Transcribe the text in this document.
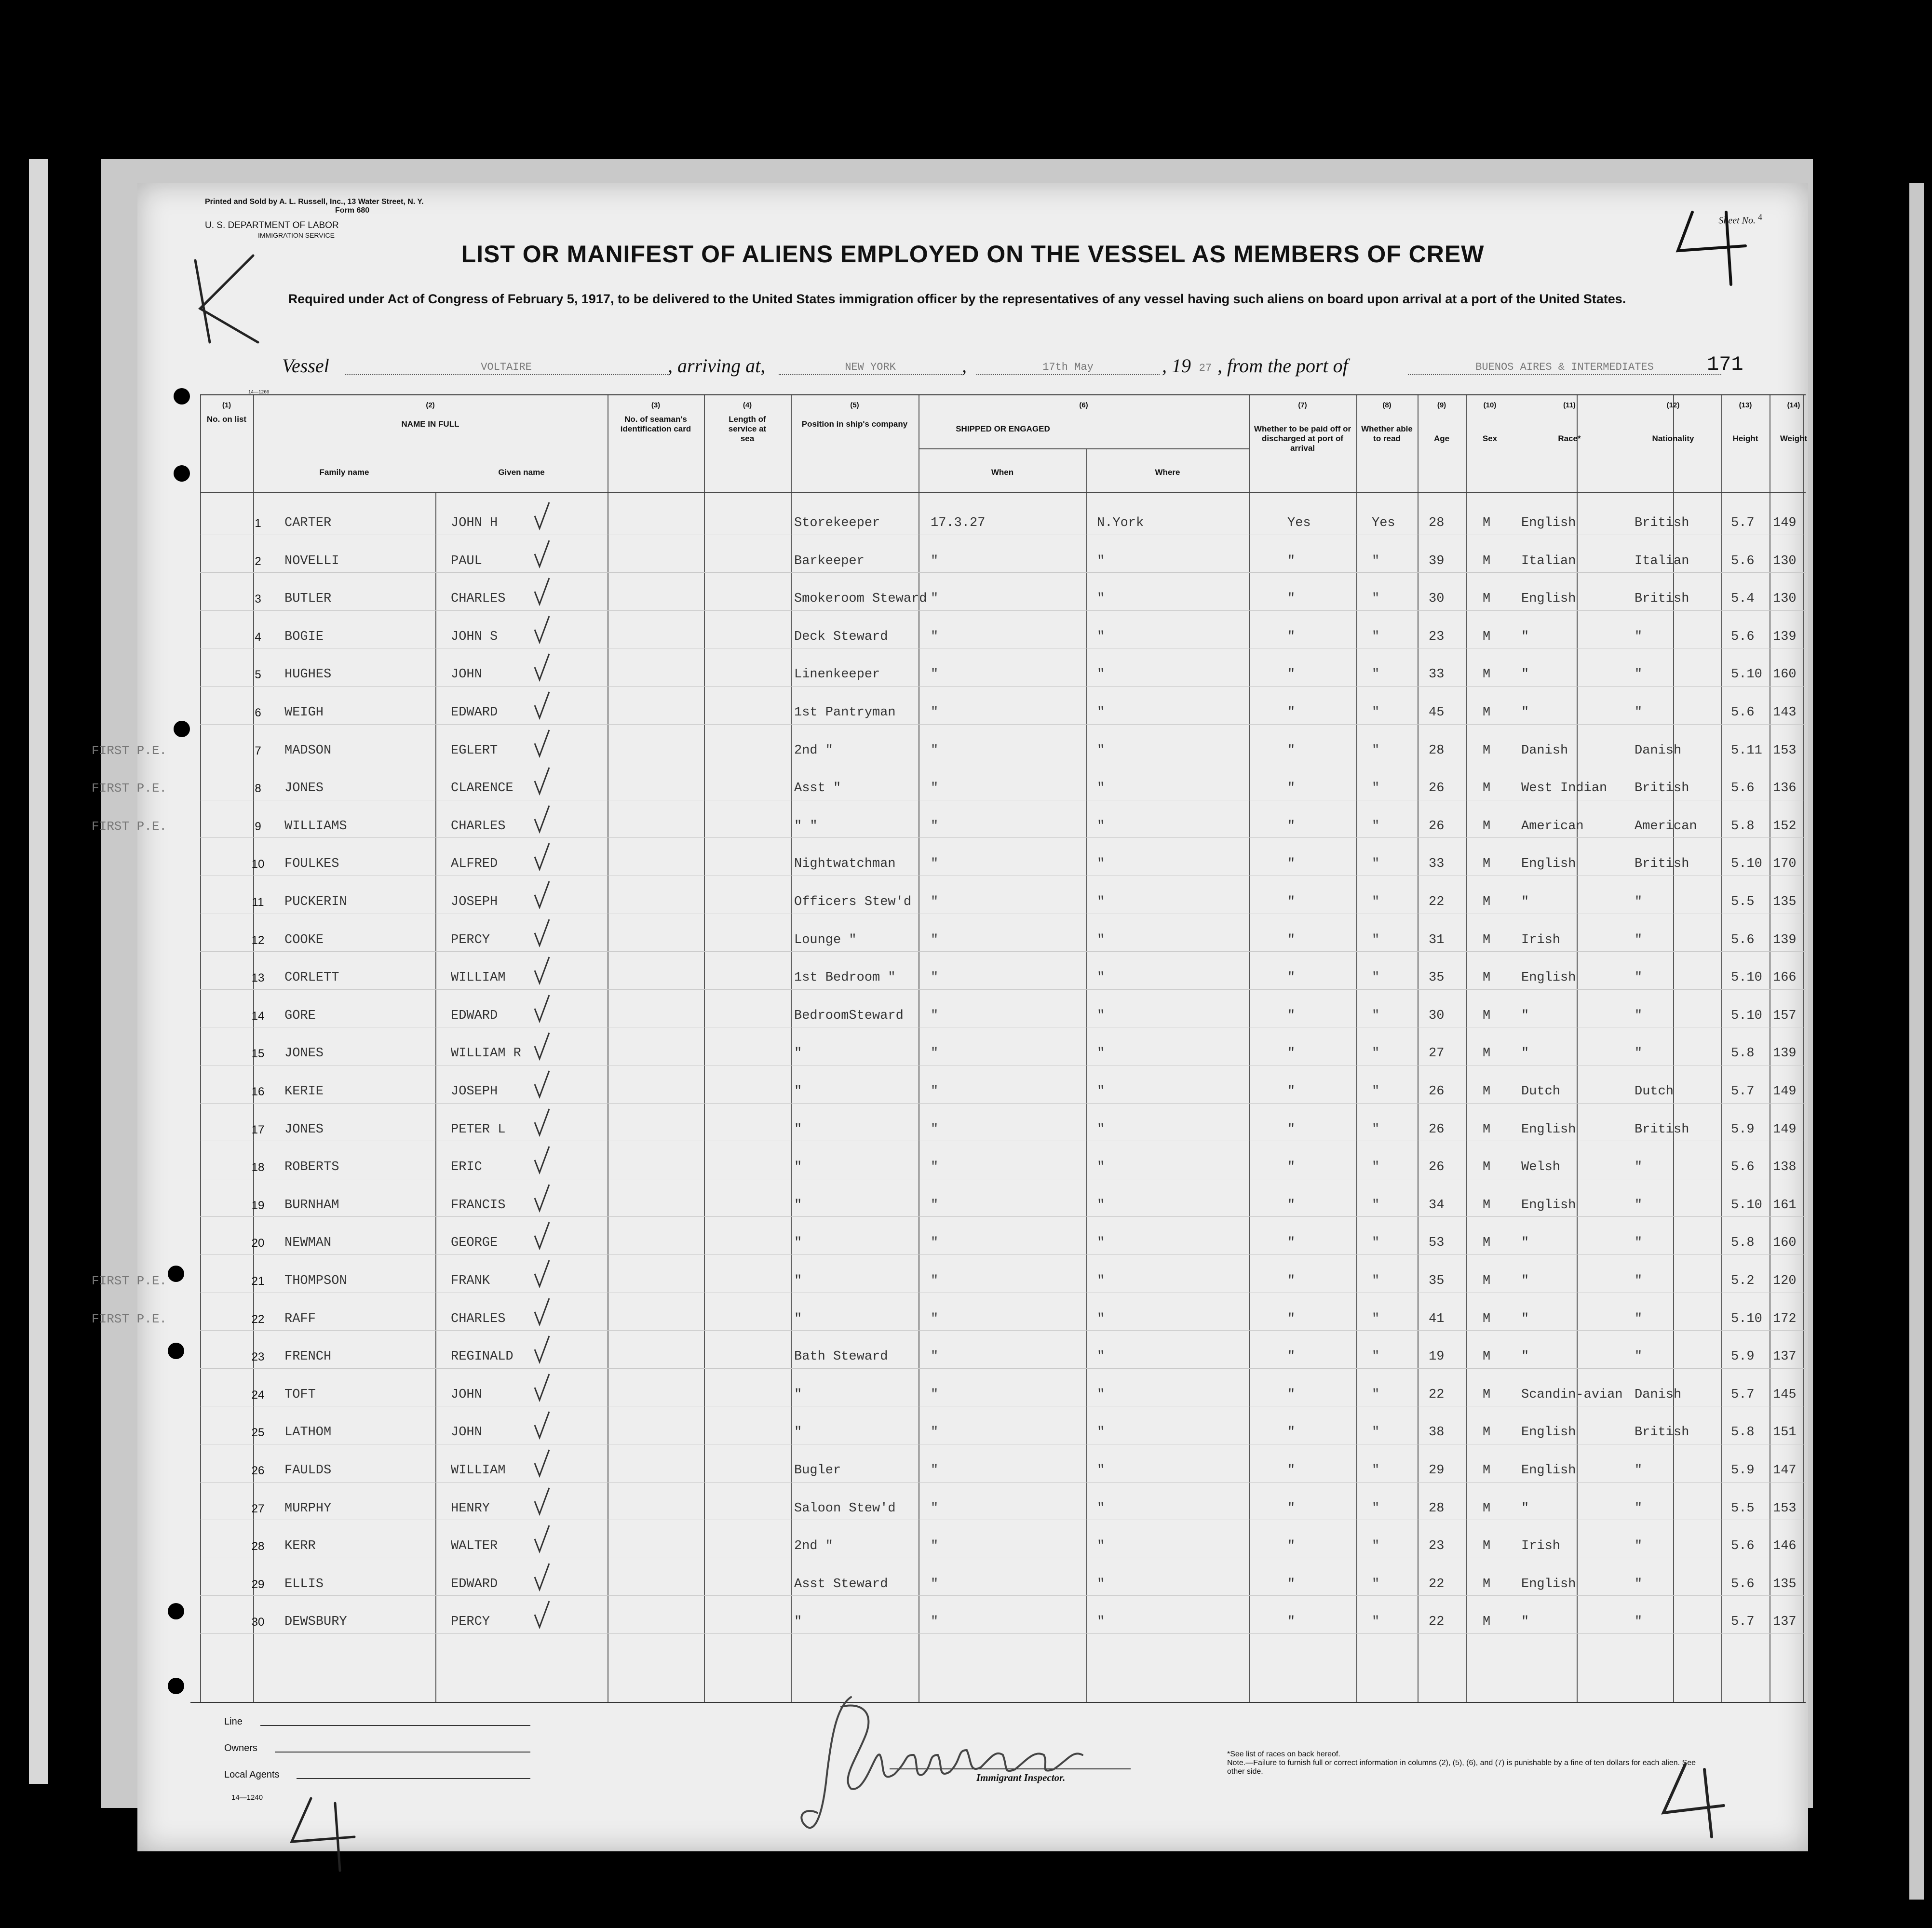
Printed and Sold by A. L. Russell, Inc., 13 Water Street, N. Y.
Form 680
U. S. DEPARTMENT OF LABOR
IMMIGRATION SERVICE
Sheet No. 4
LIST OR MANIFEST OF ALIENS EMPLOYED ON THE VESSEL AS MEMBERS OF CREW
Required under Act of Congress of February 5, 1917, to be delivered to the United States immigration officer by the representatives of any vessel having such aliens on board upon arrival at a port of the United States.
Vessel	VOLTAIRE	, arriving at,	NEW YORK	,	17th May	, 19 27 , from the port of	BUENOS AIRES & INTERMEDIATES	171
14—1266
(1)
No. on list
(2)
NAME IN FULL
Family name	Given name
(3)
No. of seaman's identification card
(4)
Length of service at sea
(5)
Position in ship's company
(6)
SHIPPED OR ENGAGED
When	Where
(7)
Whether to be paid off or discharged at port of arrival
(8)
Whether able to read
(9)
Age
(10)
Sex
(11)
Race*
(12)
Nationality
(13)
Height
(14)
Weight
1	CARTER	JOHN H	Storekeeper	17.3.27	N.York	Yes	Yes	28	M English	British	5.7 149
2	NOVELLI	PAUL	Barkeeper	"	"	"	"	39	M Italian	Italian	5.6 130
3	BUTLER	CHARLES	Smokeroom Steward "	"	"	"	30	M English	British	5.4 130
4	BOGIE	JOHN S	Deck Steward	"	"	"	"	23	M "	"	5.6 139
5	HUGHES	JOHN	Linenkeeper	"	"	"	"	33	M "	"	5.10 160
6	WEIGH	EDWARD	1st Pantryman	"	"	"	"	45	M "	"	5.6 143
7	MADSON	EGLERT	2nd "	"	"	"	"	28	M Danish	Danish	5.11 153
FIRST P.E.
8	JONES	CLARENCE	Asst "	"	"	"	"	26	M West Indian British	5.6 136
FIRST P.E.
9	WILLIAMS	CHARLES	" "	"	"	"	"	26	M American	American	5.8 152
FIRST P.E.
10	FOULKES	ALFRED	Nightwatchman	"	"	"	"	33	M English	British	5.10 170
11	PUCKERIN	JOSEPH	Officers Stew'd "	"	"	"	22	M "	"	5.5 135
12	COOKE	PERCY	Lounge "	"	"	"	"	31	M Irish	"	5.6 139
13	CORLETT	WILLIAM	1st Bedroom "	"	"	"	"	35	M English	"	5.10 166
14	GORE	EDWARD	BedroomSteward "	"	"	"	30	M "	"	5.10 157
15	JONES	WILLIAM R	"	"	"	"	"	27	M "	"	5.8 139
16	KERIE	JOSEPH	"	"	"	"	"	26	M Dutch	Dutch	5.7 149
17	JONES	PETER L	"	"	"	"	"	26	M English	British	5.9 149
18	ROBERTS	ERIC	"	"	"	"	"	26	M Welsh	"	5.6 138
19	BURNHAM	FRANCIS	"	"	"	"	"	34	M English	"	5.10 161
20	NEWMAN	GEORGE	"	"	"	"	"	53	M "	"	5.8 160
21	THOMPSON	FRANK	"	"	"	"	"	35	M "	"	5.2 120
FIRST P.E.
22	RAFF	CHARLES	"	"	"	"	"	41	M "	"	5.10 172
FIRST P.E.
23	FRENCH	REGINALD	Bath Steward	"	"	"	"	19	M "	"	5.9 137
24	TOFT	JOHN	"	"	"	"	"	22	M Scandin-avian Danish	5.7 145
25	LATHOM	JOHN	"	"	"	"	"	38	M English	British	5.8 151
26	FAULDS	WILLIAM	Bugler	"	"	"	"	29	M English	"	5.9 147
27	MURPHY	HENRY	Saloon Stew'd	"	"	"	"	28	M "	"	5.5 153
28	KERR	WALTER	2nd "	"	"	"	"	23	M Irish	"	5.6 146
29	ELLIS	EDWARD	Asst Steward	"	"	"	"	22	M English	"	5.6 135
30	DEWSBURY	PERCY	"	"	"	"	"	22	M "	"	5.7 137
Line
Owners
Local Agents
14—1240
Immigrant Inspector.
*See list of races on back hereof.
Note.—Failure to furnish full or correct information in columns (2), (5), (6), and (7) is punishable by a fine of ten dollars for each alien. See other side.
